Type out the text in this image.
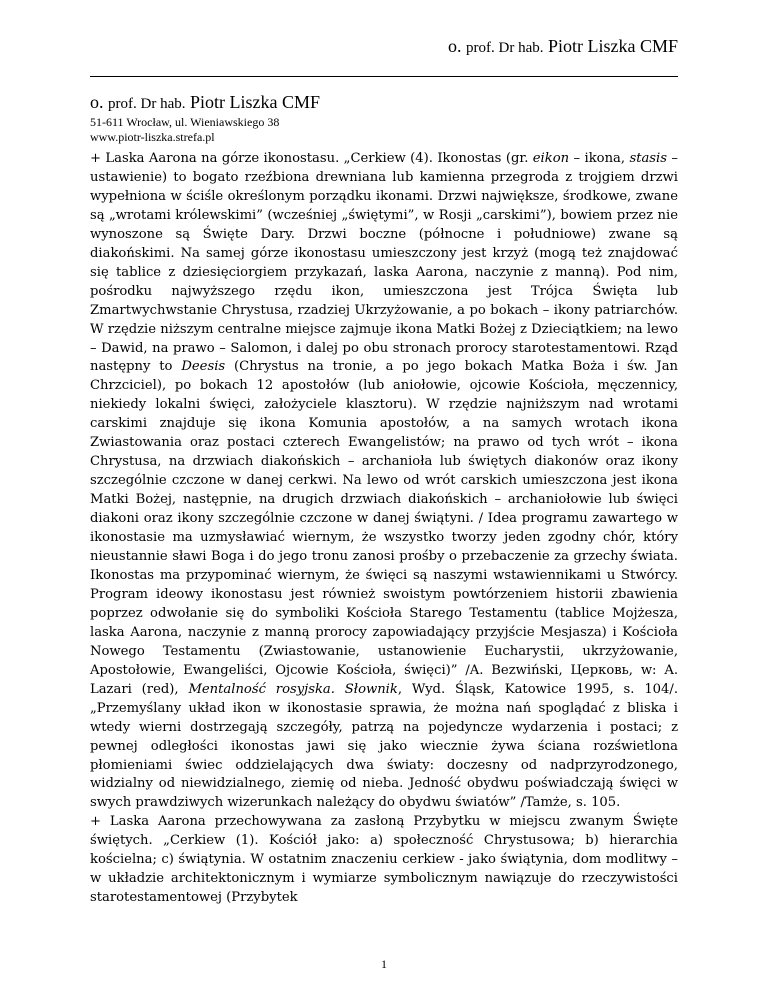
o. prof. Dr hab. Piotr Liszka CMF
o. prof. Dr hab. Piotr Liszka CMF
51-611 Wrocław, ul. Wieniawskiego 38
www.piotr-liszka.strefa.pl

+ Laska Aarona na górze ikonostasu. „Cerkiew (4). Ikonostas (gr. eikon – ikona, stasis – ustawienie) to bogato rzeźbiona drewniana lub kamienna przegroda z trojgiem drzwi wypełniona w ściśle określonym porządku ikonami. Drzwi największe, środkowe, zwane są „wrotami królewskimi” (wcześniej „świętymi”, w Rosji „carskimi”), bowiem przez nie wynoszone są Święte Dary. Drzwi boczne (północne i południowe) zwane są diakońskimi. Na samej górze ikonostasu umieszczony jest krzyż (mogą też znajdować się tablice z dziesięciorgiem przykazań, laska Aarona, naczynie z manną). Pod nim, pośrodku najwyższego rzędu ikon, umieszczona jest Trójca Święta lub Zmartwychwstanie Chrystusa, rzadziej Ukrzyżowanie, a po bokach – ikony patriarchów. W rzędzie niższym centralne miejsce zajmuje ikona Matki Bożej z Dzieciątkiem; na lewo – Dawid, na prawo – Salomon, i dalej po obu stronach prorocy starotestamentowi. Rząd następny to Deesis (Chrystus na tronie, a po jego bokach Matka Boża i św. Jan Chrzciciel), po bokach 12 apostołów (lub aniołowie, ojcowie Kościoła, męczennicy, niekiedy lokalni święci, założyciele klasztoru). W rzędzie najniższym nad wrotami carskimi znajduje się ikona Komunia apostołów, a na samych wrotach ikona Zwiastowania oraz postaci czterech Ewangelistów; na prawo od tych wrót – ikona Chrystusa, na drzwiach diakońskich – archanioła lub świętych diakonów oraz ikony szczególnie czczone w danej cerkwi. Na lewo od wrót carskich umieszczona jest ikona Matki Bożej, następnie, na drugich drzwiach diakońskich – archaniołowie lub święci diakoni oraz ikony szczególnie czczone w danej świątyni. / Idea programu zawartego w ikonostasie ma uzmysławiać wiernym, że wszystko tworzy jeden zgodny chór, który nieustannie sławi Boga i do jego tronu zanosi prośby o przebaczenie za grzechy świata. Ikonostas ma przypominać wiernym, że święci są naszymi wstawiennikami u Stwórcy. Program ideowy ikonostasu jest również swoistym powtórzeniem historii zbawienia poprzez odwołanie się do symboliki Kościoła Starego Testamentu (tablice Mojżesza, laska Aarona, naczynie z manną prorocy zapowiadający przyjście Mesjasza) i Kościoła Nowego Testamentu (Zwiastowanie, ustanowienie Eucharystii, ukrzyżowanie, Apostołowie, Ewangeliści, Ojcowie Kościoła, święci)” /A. Bezwiński, Церковь, w: A. Lazari (red), Mentalność rosyjska. Słownik, Wyd. Śląsk, Katowice 1995, s. 104/. „Przemyślany układ ikon w ikonostasie sprawia, że można nań spoglądać z bliska i wtedy wierni dostrzegają szczegóły, patrzą na pojedyncze wydarzenia i postaci; z pewnej odległości ikonostas jawi się jako wiecznie żywa ściana rozświetlona płomieniami świec oddzielających dwa światy: doczesny od nadprzyrodzonego, widzialny od niewidzialnego, ziemię od nieba. Jedność obydwu poświadczają święci w swych prawdziwych wizerunkach należący do obydwu światów” /Tamże, s. 105.

+ Laska Aarona przechowywana za zasłoną Przybytku w miejscu zwanym Święte świętych. „Cerkiew (1). Kościół jako: a) społeczność Chrystusowa; b) hierarchia kościelna; c) świątynia. W ostatnim znaczeniu cerkiew - jako świątynia, dom modlitwy – w układzie architektonicznym i wymiarze symbolicznym nawiązuje do rzeczywistości starotestamentowej (Przybytek

1
